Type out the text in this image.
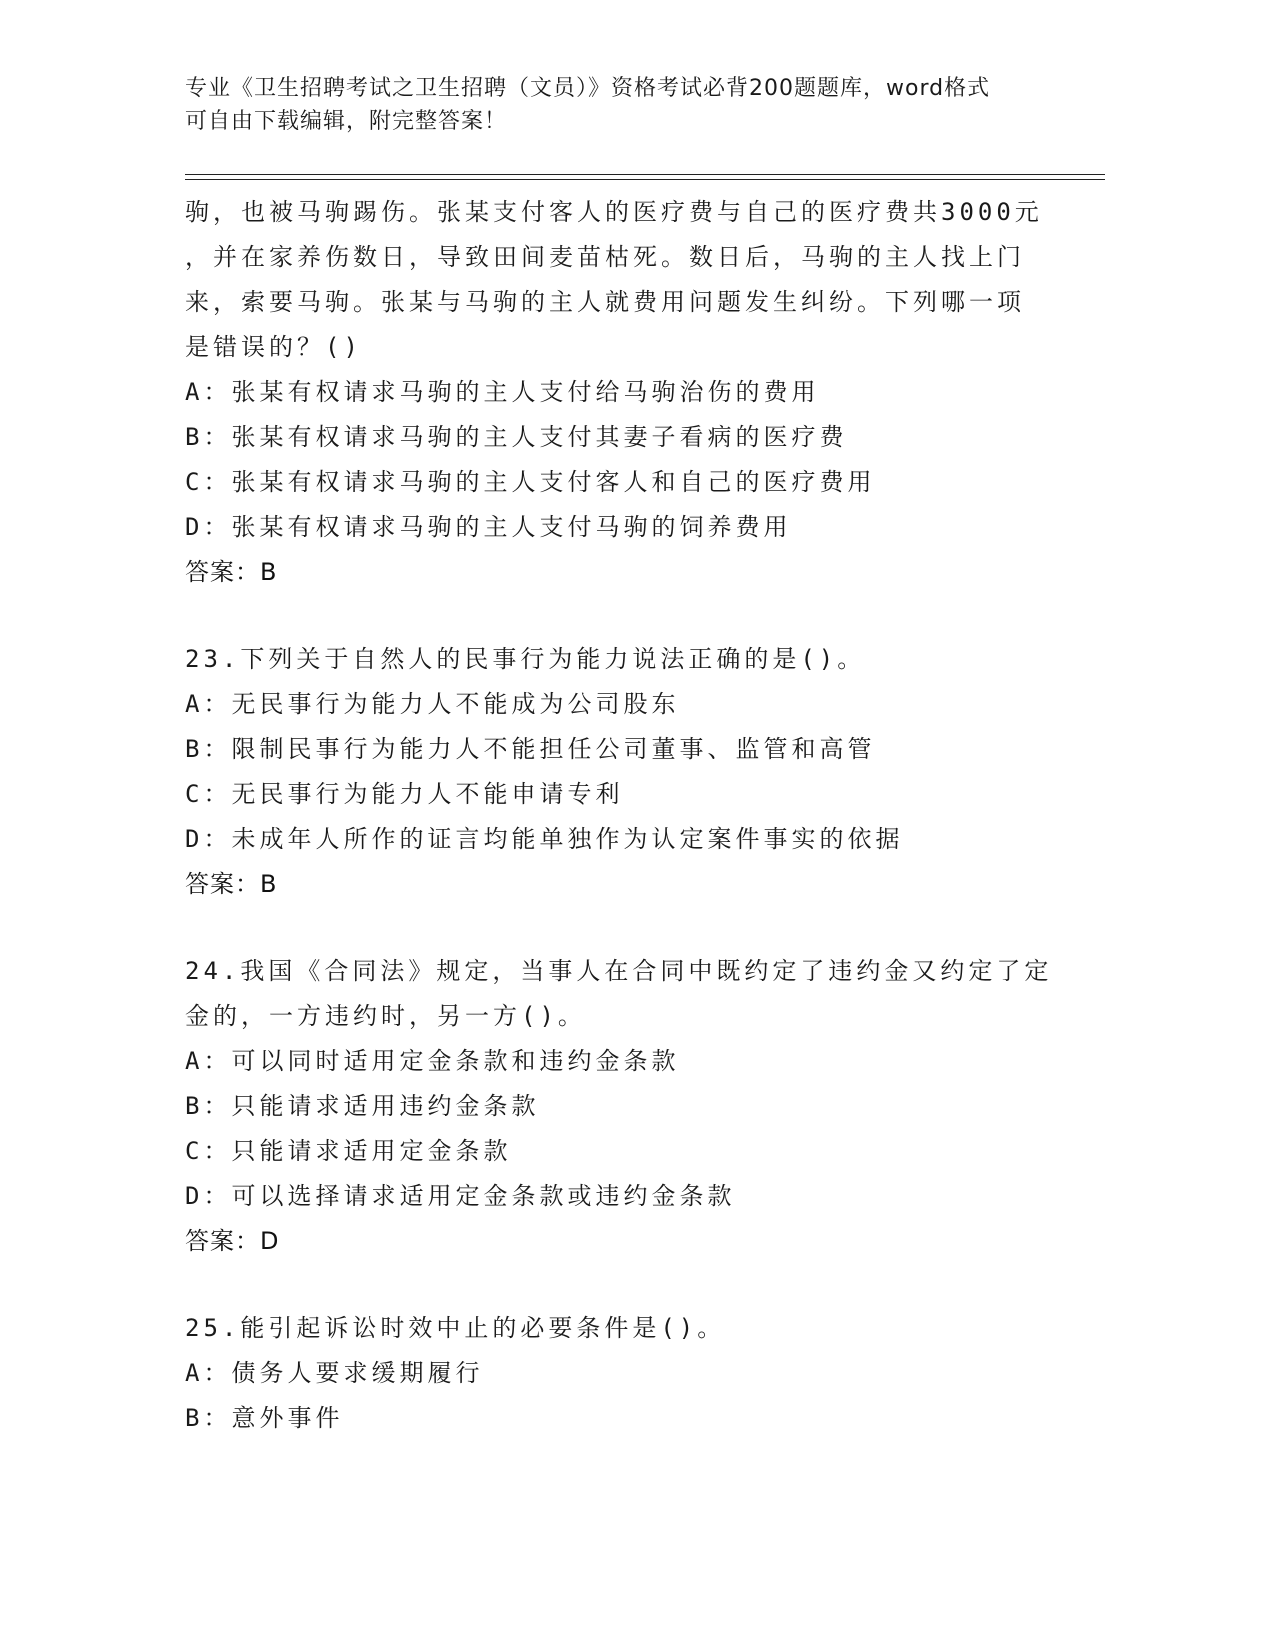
专业《卫生招聘考试之卫生招聘（文员）》资格考试必背200题题库，word格式
可自由下载编辑，附完整答案！
驹，也被马驹踢伤。张某支付客人的医疗费与自己的医疗费共3000元
，并在家养伤数日，导致田间麦苗枯死。数日后，马驹的主人找上门
来，索要马驹。张某与马驹的主人就费用问题发生纠纷。下列哪一项
是错误的？()
A：张某有权请求马驹的主人支付给马驹治伤的费用
B：张某有权请求马驹的主人支付其妻子看病的医疗费
C：张某有权请求马驹的主人支付客人和自己的医疗费用
D：张某有权请求马驹的主人支付马驹的饲养费用
答案：B
23.下列关于自然人的民事行为能力说法正确的是()。
A：无民事行为能力人不能成为公司股东
B：限制民事行为能力人不能担任公司董事、监管和高管
C：无民事行为能力人不能申请专利
D：未成年人所作的证言均能单独作为认定案件事实的依据
答案：B
24.我国《合同法》规定，当事人在合同中既约定了违约金又约定了定
金的，一方违约时，另一方()。
A：可以同时适用定金条款和违约金条款
B：只能请求适用违约金条款
C：只能请求适用定金条款
D：可以选择请求适用定金条款或违约金条款
答案：D
25.能引起诉讼时效中止的必要条件是()。
A：债务人要求缓期履行
B：意外事件
